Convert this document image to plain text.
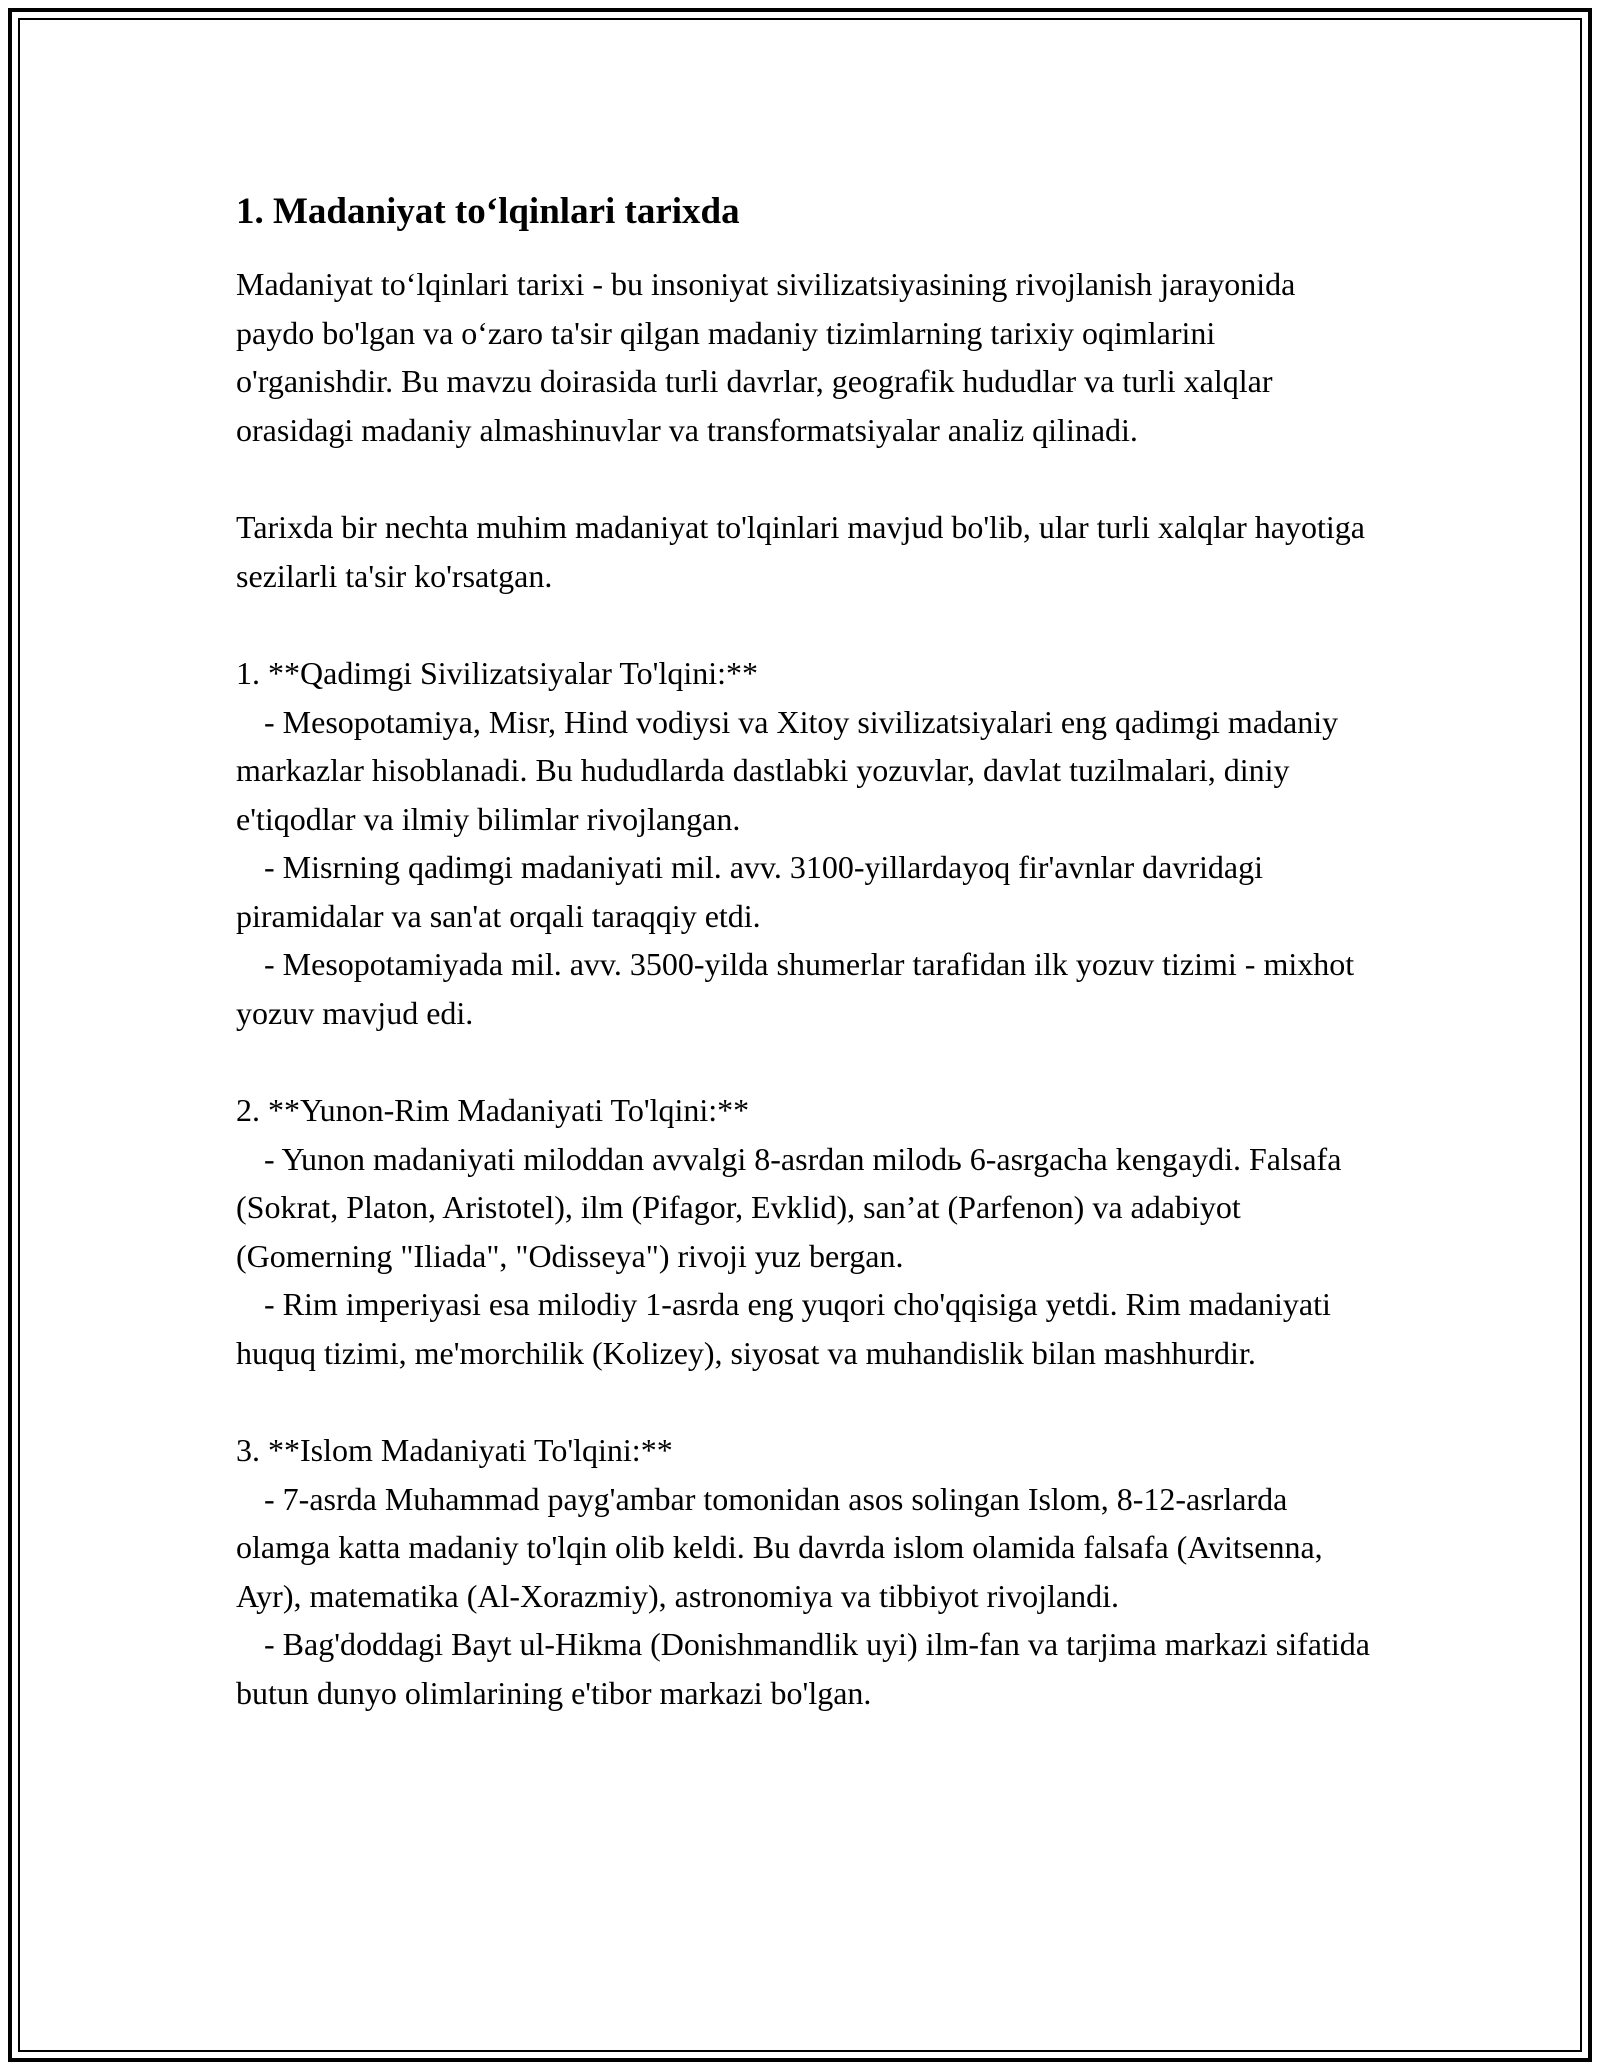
1. Madaniyat to‘lqinlari tarixda

Madaniyat to‘lqinlari tarixi - bu insoniyat sivilizatsiyasining rivojlanish jarayonida paydo bo'lgan va o‘zaro ta'sir qilgan madaniy tizimlarning tarixiy oqimlarini o'rganishdir. Bu mavzu doirasida turli davrlar, geografik hududlar va turli xalqlar orasidagi madaniy almashinuvlar va transformatsiyalar analiz qilinadi.

Tarixda bir nechta muhim madaniyat to'lqinlari mavjud bo'lib, ular turli xalqlar hayotiga sezilarli ta'sir ko'rsatgan.

1. **Qadimgi Sivilizatsiyalar To'lqini:**

- Mesopotamiya, Misr, Hind vodiysi va Xitoy sivilizatsiyalari eng qadimgi madaniy markazlar hisoblanadi. Bu hududlarda dastlabki yozuvlar, davlat tuzilmalari, diniy e'tiqodlar va ilmiy bilimlar rivojlangan.

- Misrning qadimgi madaniyati mil. avv. 3100-yillardayoq fir'avnlar davridagi piramidalar va san'at orqali taraqqiy etdi.

- Mesopotamiyada mil. avv. 3500-yilda shumerlar tarafidan ilk yozuv tizimi - mixhot yozuv mavjud edi.

2. **Yunon-Rim Madaniyati To'lqini:**

- Yunon madaniyati miloddan avvalgi 8-asrdan milodь 6-asrgacha kengaydi. Falsafa (Sokrat, Platon, Aristotel), ilm (Pifagor, Evklid), san’at (Parfenon) va adabiyot (Gomerning "Iliada", "Odisseya") rivoji yuz bergan.

- Rim imperiyasi esa milodiy 1-asrda eng yuqori cho'qqisiga yetdi. Rim madaniyati huquq tizimi, me'morchilik (Kolizey), siyosat va muhandislik bilan mashhurdir.

3. **Islom Madaniyati To'lqini:**

- 7-asrda Muhammad payg'ambar tomonidan asos solingan Islom, 8-12-asrlarda olamga katta madaniy to'lqin olib keldi. Bu davrda islom olamida falsafa (Avitsenna, Ayr), matematika (Al-Xorazmiy), astronomiya va tibbiyot rivojlandi.

- Bag'doddagi Bayt ul-Hikma (Donishmandlik uyi) ilm-fan va tarjima markazi sifatida butun dunyo olimlarining e'tibor markazi bo'lgan.
